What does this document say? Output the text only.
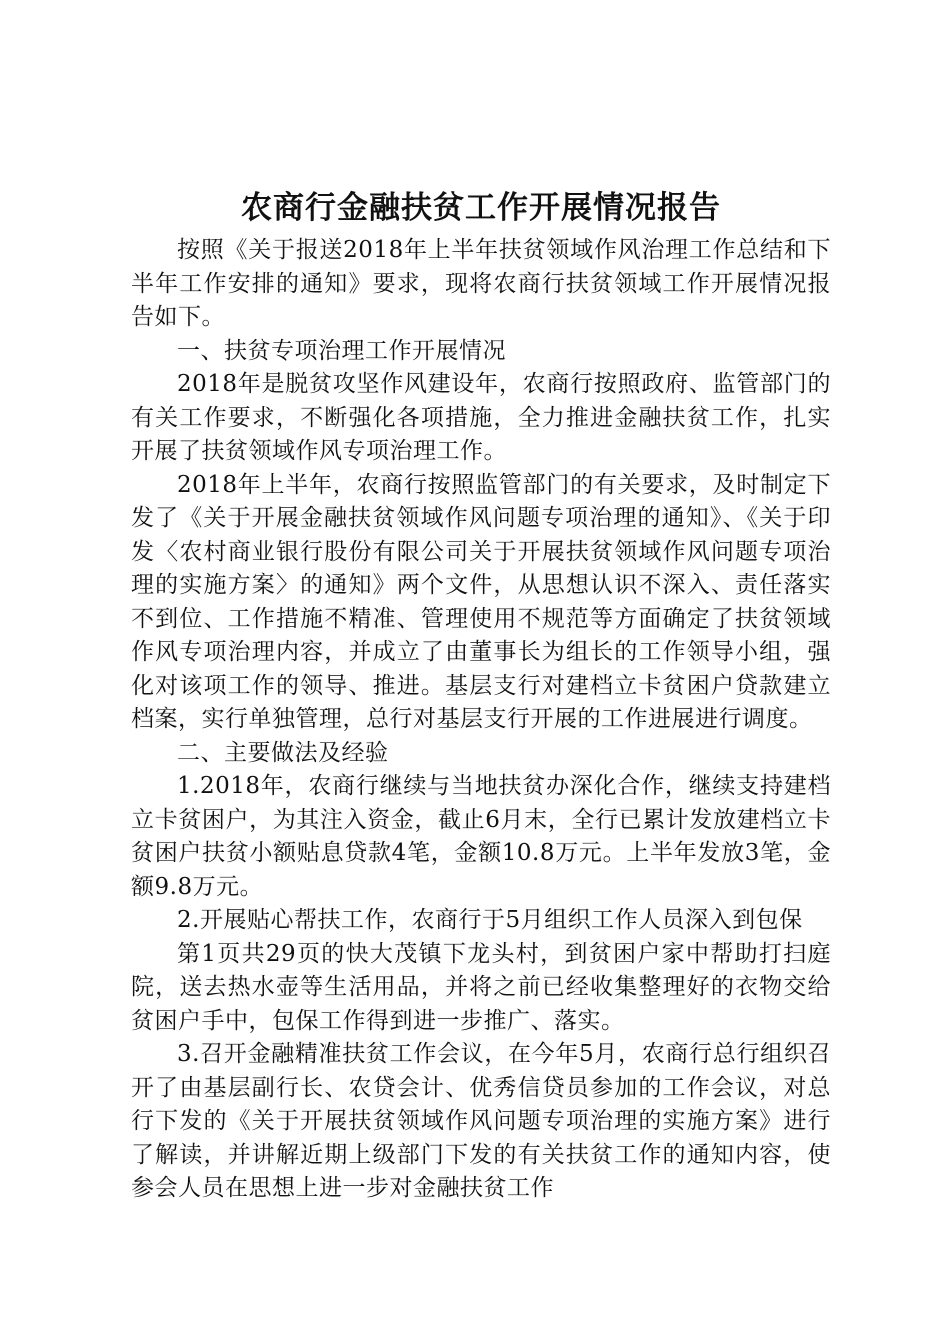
农商行金融扶贫工作开展情况报告

按照《关于报送2018年上半年扶贫领域作风治理工作总结和下半年工作安排的通知》要求，现将农商行扶贫领域工作开展情况报告如下。

一、扶贫专项治理工作开展情况

2018年是脱贫攻坚作风建设年，农商行按照政府、监管部门的有关工作要求，不断强化各项措施，全力推进金融扶贫工作，扎实开展了扶贫领域作风专项治理工作。

2018年上半年，农商行按照监管部门的有关要求，及时制定下发了《关于开展金融扶贫领域作风问题专项治理的通知》、《关于印发〈农村商业银行股份有限公司关于开展扶贫领域作风问题专项治理的实施方案〉的通知》两个文件，从思想认识不深入、责任落实不到位、工作措施不精准、管理使用不规范等方面确定了扶贫领域作风专项治理内容，并成立了由董事长为组长的工作领导小组，强化对该项工作的领导、推进。基层支行对建档立卡贫困户贷款建立档案，实行单独管理，总行对基层支行开展的工作进展进行调度。

二、主要做法及经验

1.2018年，农商行继续与当地扶贫办深化合作，继续支持建档立卡贫困户，为其注入资金，截止6月末，全行已累计发放建档立卡贫困户扶贫小额贴息贷款4笔，金额10.8万元。上半年发放3笔，金额9.8万元。

2.开展贴心帮扶工作，农商行于5月组织工作人员深入到包保

第1页共29页的快大茂镇下龙头村，到贫困户家中帮助打扫庭院，送去热水壶等生活用品，并将之前已经收集整理好的衣物交给贫困户手中，包保工作得到进一步推广、落实。

3.召开金融精准扶贫工作会议，在今年5月，农商行总行组织召开了由基层副行长、农贷会计、优秀信贷员参加的工作会议，对总行下发的《关于开展扶贫领域作风问题专项治理的实施方案》进行了解读，并讲解近期上级部门下发的有关扶贫工作的通知内容，使参会人员在思想上进一步对金融扶贫工作
